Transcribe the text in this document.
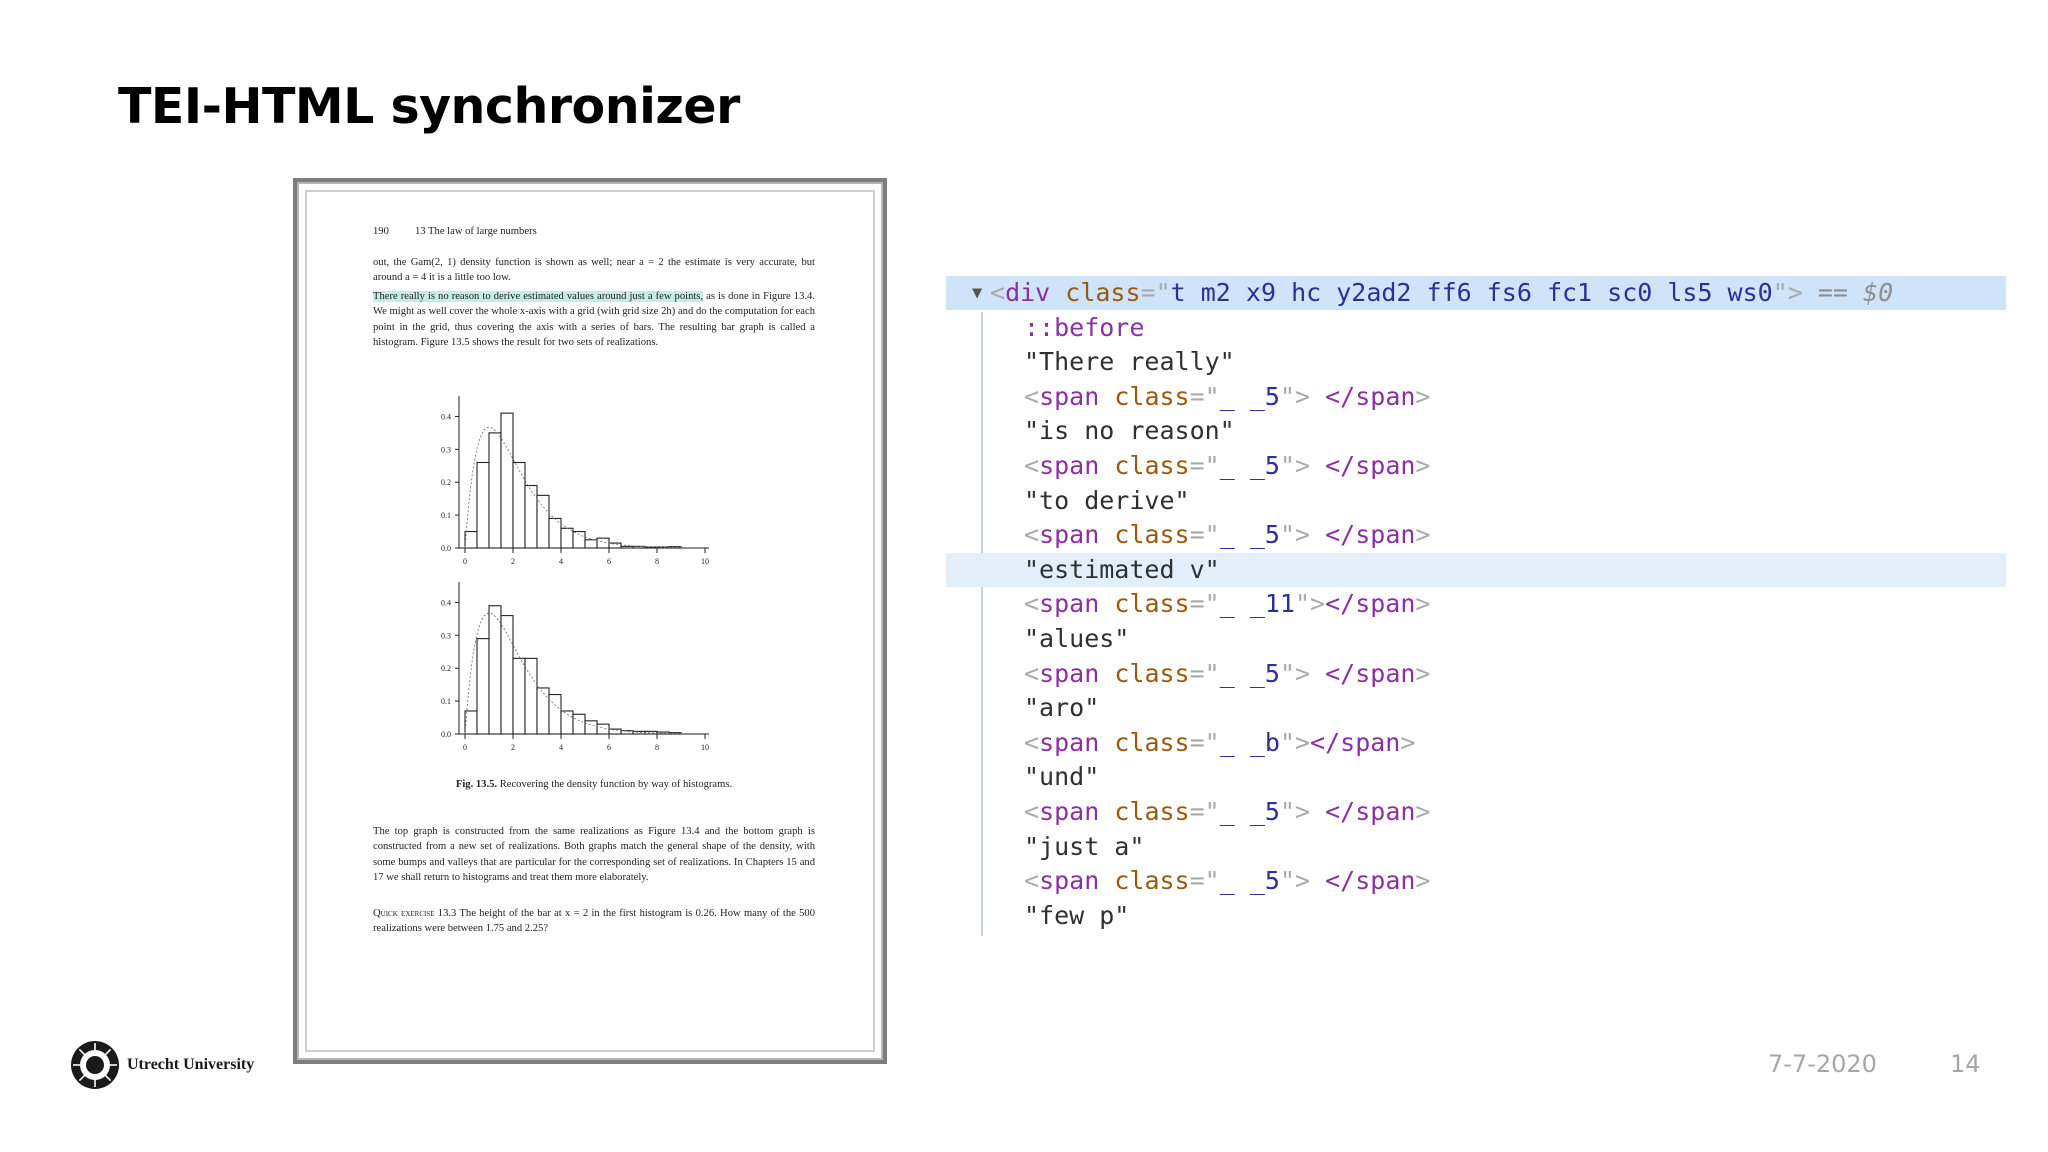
TEI-HTML synchronizer
190 13 The law of large numbers
out, the Gam(2, 1) density function is shown as well; near a = 2 the estimate is very accurate, but around a = 4 it is a little too low.
There really is no reason to derive estimated values around just a few points, as is done in Figure 13.4. We might as well cover the whole x-axis with a grid (with grid size 2h) and do the computation for each point in the grid, thus covering the axis with a series of bars. The resulting bar graph is called a histogram. Figure 13.5 shows the result for two sets of realizations.
0	2	4	6	8	10
0.0
0.1
0.2
0.3
0.4
0	2	4	6	8	10
0.0
0.1
0.2
0.3
0.4
Fig. 13.5. Recovering the density function by way of histograms.
The top graph is constructed from the same realizations as Figure 13.4 and the bottom graph is constructed from a new set of realizations. Both graphs match the general shape of the density, with some bumps and valleys that are particular for the corresponding set of realizations. In Chapters 15 and 17 we shall return to histograms and treat them more elaborately.
Quick exercise 13.3 The height of the bar at x = 2 in the first histogram is 0.26. How many of the 500 realizations were between 1.75 and 2.25?
▼ <div class="t m2 x9 hc y2ad2 ff6 fs6 fc1 sc0 ls5 ws0"> == $0
::before
"There really"
<span class="_ _5"> </span>
"is no reason"
<span class="_ _5"> </span>
"to derive"
<span class="_ _5"> </span>
"estimated v"
<span class="_ _11"></span>
"alues"
<span class="_ _5"> </span>
"aro"
<span class="_ _b"></span>
"und"
<span class="_ _5"> </span>
"just a"
<span class="_ _5"> </span>
"few p"
Utrecht University	7-7-2020	14
